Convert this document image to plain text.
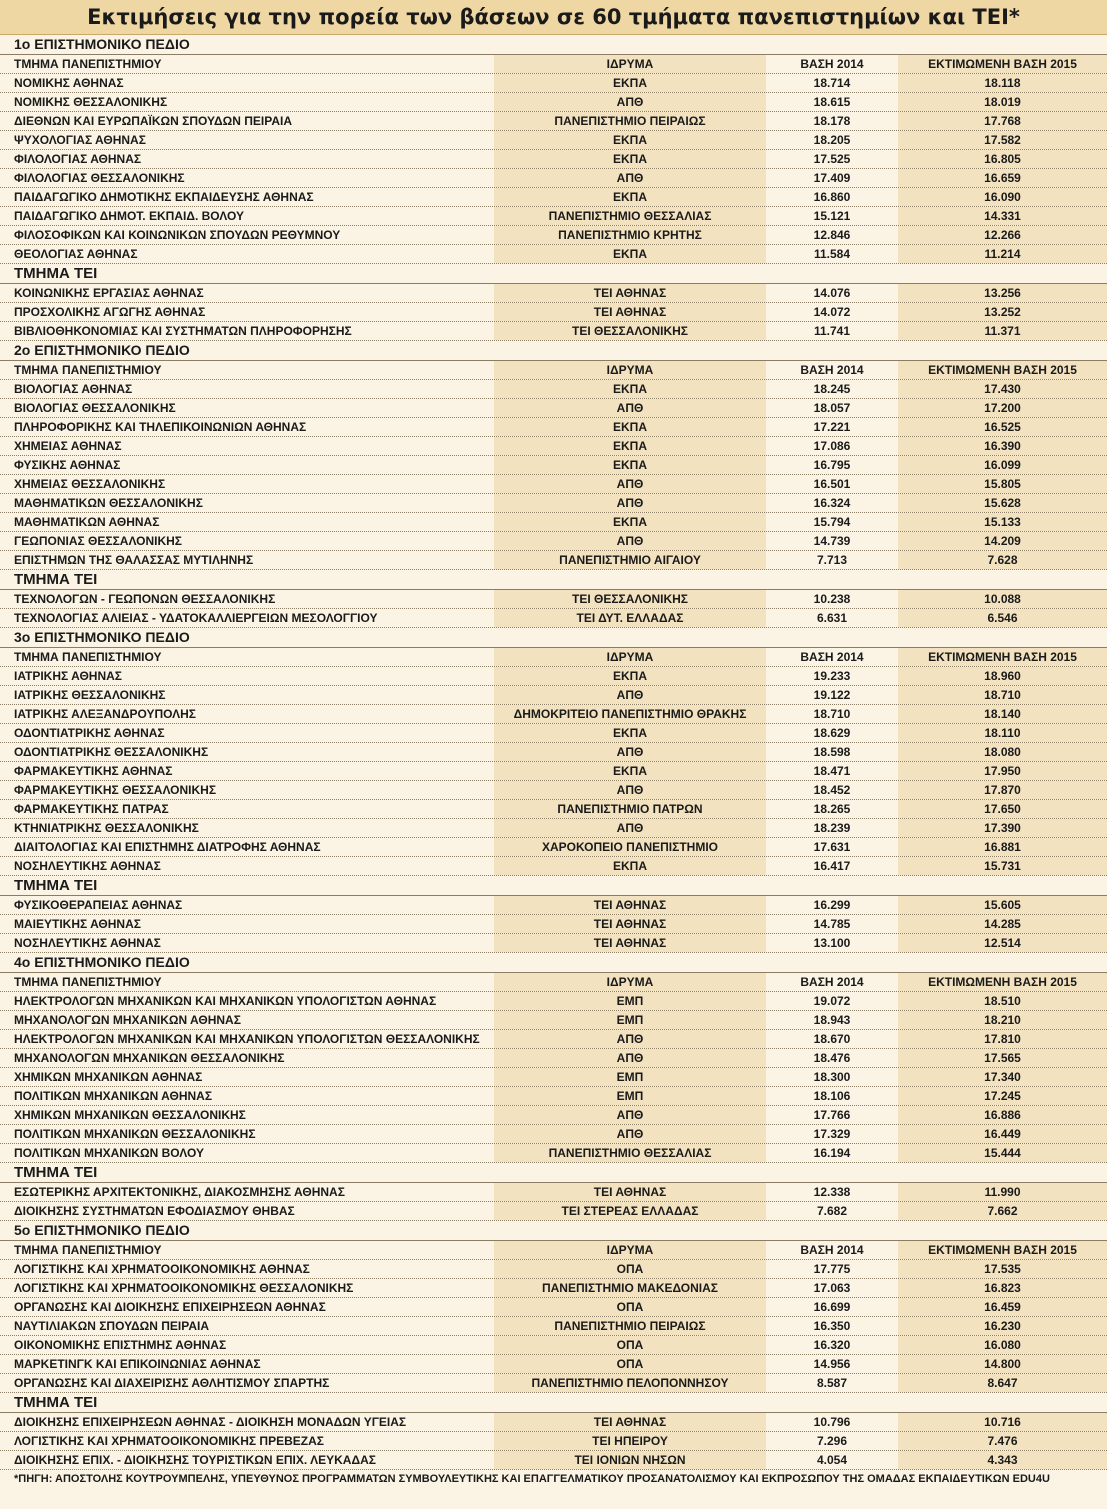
Εκτιμήσεις για την πορεία των βάσεων σε 60 τμήματα πανεπιστημίων και ΤΕΙ*
1ο ΕΠΙΣΤΗΜΟΝΙΚΟ ΠΕΔΙΟ
ΤΜΗΜΑ ΠΑΝΕΠΙΣΤΗΜΙΟΥ	ΙΔΡΥΜΑ	ΒΑΣΗ 2014	ΕΚΤΙΜΩΜΕΝΗ ΒΑΣΗ 2015
ΝΟΜΙΚΗΣ ΑΘΗΝΑΣ	ΕΚΠΑ	18.714	18.118
ΝΟΜΙΚΗΣ ΘΕΣΣΑΛΟΝΙΚΗΣ	ΑΠΘ	18.615	18.019
ΔΙΕΘΝΩΝ ΚΑΙ ΕΥΡΩΠΑΪΚΩΝ ΣΠΟΥΔΩΝ ΠΕΙΡΑΙΑ	ΠΑΝΕΠΙΣΤΗΜΙΟ ΠΕΙΡΑΙΩΣ	18.178	17.768
ΨΥΧΟΛΟΓΙΑΣ ΑΘΗΝΑΣ	ΕΚΠΑ	18.205	17.582
ΦΙΛΟΛΟΓΙΑΣ ΑΘΗΝΑΣ	ΕΚΠΑ	17.525	16.805
ΦΙΛΟΛΟΓΙΑΣ ΘΕΣΣΑΛΟΝΙΚΗΣ	ΑΠΘ	17.409	16.659
ΠΑΙΔΑΓΩΓΙΚΟ ΔΗΜΟΤΙΚΗΣ ΕΚΠΑΙΔΕΥΣΗΣ ΑΘΗΝΑΣ	ΕΚΠΑ	16.860	16.090
ΠΑΙΔΑΓΩΓΙΚΟ ΔΗΜΟΤ. ΕΚΠΑΙΔ. ΒΟΛΟΥ	ΠΑΝΕΠΙΣΤΗΜΙΟ ΘΕΣΣΑΛΙΑΣ	15.121	14.331
ΦΙΛΟΣΟΦΙΚΩΝ ΚΑΙ ΚΟΙΝΩΝΙΚΩΝ ΣΠΟΥΔΩΝ ΡΕΘΥΜΝΟΥ	ΠΑΝΕΠΙΣΤΗΜΙΟ ΚΡΗΤΗΣ	12.846	12.266
ΘΕΟΛΟΓΙΑΣ ΑΘΗΝΑΣ	ΕΚΠΑ	11.584	11.214
ΤΜΗΜΑ ΤΕΙ
ΚΟΙΝΩΝΙΚΗΣ ΕΡΓΑΣΙΑΣ ΑΘΗΝΑΣ	ΤΕΙ ΑΘΗΝΑΣ	14.076	13.256
ΠΡΟΣΧΟΛΙΚΗΣ ΑΓΩΓΗΣ ΑΘΗΝΑΣ	ΤΕΙ ΑΘΗΝΑΣ	14.072	13.252
ΒΙΒΛΙΟΘΗΚΟΝΟΜΙΑΣ ΚΑΙ ΣΥΣΤΗΜΑΤΩΝ ΠΛΗΡΟΦΟΡΗΣΗΣ	ΤΕΙ ΘΕΣΣΑΛΟΝΙΚΗΣ	11.741	11.371
2ο ΕΠΙΣΤΗΜΟΝΙΚΟ ΠΕΔΙΟ
ΤΜΗΜΑ ΠΑΝΕΠΙΣΤΗΜΙΟΥ	ΙΔΡΥΜΑ	ΒΑΣΗ 2014	ΕΚΤΙΜΩΜΕΝΗ ΒΑΣΗ 2015
ΒΙΟΛΟΓΙΑΣ ΑΘΗΝΑΣ	ΕΚΠΑ	18.245	17.430
ΒΙΟΛΟΓΙΑΣ ΘΕΣΣΑΛΟΝΙΚΗΣ	ΑΠΘ	18.057	17.200
ΠΛΗΡΟΦΟΡΙΚΗΣ ΚΑΙ ΤΗΛΕΠΙΚΟΙΝΩΝΙΩΝ ΑΘΗΝΑΣ	ΕΚΠΑ	17.221	16.525
ΧΗΜΕΙΑΣ ΑΘΗΝΑΣ	ΕΚΠΑ	17.086	16.390
ΦΥΣΙΚΗΣ ΑΘΗΝΑΣ	ΕΚΠΑ	16.795	16.099
ΧΗΜΕΙΑΣ ΘΕΣΣΑΛΟΝΙΚΗΣ	ΑΠΘ	16.501	15.805
ΜΑΘΗΜΑΤΙΚΩΝ ΘΕΣΣΑΛΟΝΙΚΗΣ	ΑΠΘ	16.324	15.628
ΜΑΘΗΜΑΤΙΚΩΝ ΑΘΗΝΑΣ	ΕΚΠΑ	15.794	15.133
ΓΕΩΠΟΝΙΑΣ ΘΕΣΣΑΛΟΝΙΚΗΣ	ΑΠΘ	14.739	14.209
ΕΠΙΣΤΗΜΩΝ ΤΗΣ ΘΑΛΑΣΣΑΣ ΜΥΤΙΛΗΝΗΣ	ΠΑΝΕΠΙΣΤΗΜΙΟ ΑΙΓΑΙΟΥ	7.713	7.628
ΤΜΗΜΑ ΤΕΙ
ΤΕΧΝΟΛΟΓΩΝ - ΓΕΩΠΟΝΩΝ ΘΕΣΣΑΛΟΝΙΚΗΣ	ΤΕΙ ΘΕΣΣΑΛΟΝΙΚΗΣ	10.238	10.088
ΤΕΧΝΟΛΟΓΙΑΣ ΑΛΙΕΙΑΣ - ΥΔΑΤΟΚΑΛΛΙΕΡΓΕΙΩΝ ΜΕΣΟΛΟΓΓΙΟΥ	ΤΕΙ ΔΥΤ. ΕΛΛΑΔΑΣ	6.631	6.546
3ο ΕΠΙΣΤΗΜΟΝΙΚΟ ΠΕΔΙΟ
ΤΜΗΜΑ ΠΑΝΕΠΙΣΤΗΜΙΟΥ	ΙΔΡΥΜΑ	ΒΑΣΗ 2014	ΕΚΤΙΜΩΜΕΝΗ ΒΑΣΗ 2015
ΙΑΤΡΙΚΗΣ ΑΘΗΝΑΣ	ΕΚΠΑ	19.233	18.960
ΙΑΤΡΙΚΗΣ ΘΕΣΣΑΛΟΝΙΚΗΣ	ΑΠΘ	19.122	18.710
ΙΑΤΡΙΚΗΣ ΑΛΕΞΑΝΔΡΟΥΠΟΛΗΣ	ΔΗΜΟΚΡΙΤΕΙΟ ΠΑΝΕΠΙΣΤΗΜΙΟ ΘΡΑΚΗΣ	18.710	18.140
ΟΔΟΝΤΙΑΤΡΙΚΗΣ ΑΘΗΝΑΣ	ΕΚΠΑ	18.629	18.110
ΟΔΟΝΤΙΑΤΡΙΚΗΣ ΘΕΣΣΑΛΟΝΙΚΗΣ	ΑΠΘ	18.598	18.080
ΦΑΡΜΑΚΕΥΤΙΚΗΣ ΑΘΗΝΑΣ	ΕΚΠΑ	18.471	17.950
ΦΑΡΜΑΚΕΥΤΙΚΗΣ ΘΕΣΣΑΛΟΝΙΚΗΣ	ΑΠΘ	18.452	17.870
ΦΑΡΜΑΚΕΥΤΙΚΗΣ ΠΑΤΡΑΣ	ΠΑΝΕΠΙΣΤΗΜΙΟ ΠΑΤΡΩΝ	18.265	17.650
ΚΤΗΝΙΑΤΡΙΚΗΣ ΘΕΣΣΑΛΟΝΙΚΗΣ	ΑΠΘ	18.239	17.390
ΔΙΑΙΤΟΛΟΓΙΑΣ ΚΑΙ ΕΠΙΣΤΗΜΗΣ ΔΙΑΤΡΟΦΗΣ ΑΘΗΝΑΣ	ΧΑΡΟΚΟΠΕΙΟ ΠΑΝΕΠΙΣΤΗΜΙΟ	17.631	16.881
ΝΟΣΗΛΕΥΤΙΚΗΣ ΑΘΗΝΑΣ	ΕΚΠΑ	16.417	15.731
ΤΜΗΜΑ ΤΕΙ
ΦΥΣΙΚΟΘΕΡΑΠΕΙΑΣ ΑΘΗΝΑΣ	ΤΕΙ ΑΘΗΝΑΣ	16.299	15.605
ΜΑΙΕΥΤΙΚΗΣ ΑΘΗΝΑΣ	ΤΕΙ ΑΘΗΝΑΣ	14.785	14.285
ΝΟΣΗΛΕΥΤΙΚΗΣ ΑΘΗΝΑΣ	ΤΕΙ ΑΘΗΝΑΣ	13.100	12.514
4ο ΕΠΙΣΤΗΜΟΝΙΚΟ ΠΕΔΙΟ
ΤΜΗΜΑ ΠΑΝΕΠΙΣΤΗΜΙΟΥ	ΙΔΡΥΜΑ	ΒΑΣΗ 2014	ΕΚΤΙΜΩΜΕΝΗ ΒΑΣΗ 2015
ΗΛΕΚΤΡΟΛΟΓΩΝ ΜΗΧΑΝΙΚΩΝ ΚΑΙ ΜΗΧΑΝΙΚΩΝ ΥΠΟΛΟΓΙΣΤΩΝ ΑΘΗΝΑΣ	ΕΜΠ	19.072	18.510
ΜΗΧΑΝΟΛΟΓΩΝ ΜΗΧΑΝΙΚΩΝ ΑΘΗΝΑΣ	ΕΜΠ	18.943	18.210
ΗΛΕΚΤΡΟΛΟΓΩΝ ΜΗΧΑΝΙΚΩΝ ΚΑΙ ΜΗΧΑΝΙΚΩΝ ΥΠΟΛΟΓΙΣΤΩΝ ΘΕΣΣΑΛΟΝΙΚΗΣ	ΑΠΘ	18.670	17.810
ΜΗΧΑΝΟΛΟΓΩΝ ΜΗΧΑΝΙΚΩΝ ΘΕΣΣΑΛΟΝΙΚΗΣ	ΑΠΘ	18.476	17.565
ΧΗΜΙΚΩΝ ΜΗΧΑΝΙΚΩΝ ΑΘΗΝΑΣ	ΕΜΠ	18.300	17.340
ΠΟΛΙΤΙΚΩΝ ΜΗΧΑΝΙΚΩΝ ΑΘΗΝΑΣ	ΕΜΠ	18.106	17.245
ΧΗΜΙΚΩΝ ΜΗΧΑΝΙΚΩΝ ΘΕΣΣΑΛΟΝΙΚΗΣ	ΑΠΘ	17.766	16.886
ΠΟΛΙΤΙΚΩΝ ΜΗΧΑΝΙΚΩΝ ΘΕΣΣΑΛΟΝΙΚΗΣ	ΑΠΘ	17.329	16.449
ΠΟΛΙΤΙΚΩΝ ΜΗΧΑΝΙΚΩΝ ΒΟΛΟΥ	ΠΑΝΕΠΙΣΤΗΜΙΟ ΘΕΣΣΑΛΙΑΣ	16.194	15.444
ΤΜΗΜΑ ΤΕΙ
ΕΣΩΤΕΡΙΚΗΣ ΑΡΧΙΤΕΚΤΟΝΙΚΗΣ, ΔΙΑΚΟΣΜΗΣΗΣ ΑΘΗΝΑΣ	ΤΕΙ ΑΘΗΝΑΣ	12.338	11.990
ΔΙΟΙΚΗΣΗΣ ΣΥΣΤΗΜΑΤΩΝ ΕΦΟΔΙΑΣΜΟΥ ΘΗΒΑΣ	ΤΕΙ ΣΤΕΡΕΑΣ ΕΛΛΑΔΑΣ	7.682	7.662
5ο ΕΠΙΣΤΗΜΟΝΙΚΟ ΠΕΔΙΟ
ΤΜΗΜΑ ΠΑΝΕΠΙΣΤΗΜΙΟΥ	ΙΔΡΥΜΑ	ΒΑΣΗ 2014	ΕΚΤΙΜΩΜΕΝΗ ΒΑΣΗ 2015
ΛΟΓΙΣΤΙΚΗΣ ΚΑΙ ΧΡΗΜΑΤΟΟΙΚΟΝΟΜΙΚΗΣ ΑΘΗΝΑΣ	ΟΠΑ	17.775	17.535
ΛΟΓΙΣΤΙΚΗΣ ΚΑΙ ΧΡΗΜΑΤΟΟΙΚΟΝΟΜΙΚΗΣ ΘΕΣΣΑΛΟΝΙΚΗΣ	ΠΑΝΕΠΙΣΤΗΜΙΟ ΜΑΚΕΔΟΝΙΑΣ	17.063	16.823
ΟΡΓΑΝΩΣΗΣ ΚΑΙ ΔΙΟΙΚΗΣΗΣ ΕΠΙΧΕΙΡΗΣΕΩΝ ΑΘΗΝΑΣ	ΟΠΑ	16.699	16.459
ΝΑΥΤΙΛΙΑΚΩΝ ΣΠΟΥΔΩΝ ΠΕΙΡΑΙΑ	ΠΑΝΕΠΙΣΤΗΜΙΟ ΠΕΙΡΑΙΩΣ	16.350	16.230
ΟΙΚΟΝΟΜΙΚΗΣ ΕΠΙΣΤΗΜΗΣ ΑΘΗΝΑΣ	ΟΠΑ	16.320	16.080
ΜΑΡΚΕΤΙΝΓΚ ΚΑΙ ΕΠΙΚΟΙΝΩΝΙΑΣ ΑΘΗΝΑΣ	ΟΠΑ	14.956	14.800
ΟΡΓΑΝΩΣΗΣ ΚΑΙ ΔΙΑΧΕΙΡΙΣΗΣ ΑΘΛΗΤΙΣΜΟΥ ΣΠΑΡΤΗΣ	ΠΑΝΕΠΙΣΤΗΜΙΟ ΠΕΛΟΠΟΝΝΗΣΟΥ	8.587	8.647
ΤΜΗΜΑ ΤΕΙ
ΔΙΟΙΚΗΣΗΣ ΕΠΙΧΕΙΡΗΣΕΩΝ ΑΘΗΝΑΣ - ΔΙΟΙΚΗΣΗ ΜΟΝΑΔΩΝ ΥΓΕΙΑΣ	ΤΕΙ ΑΘΗΝΑΣ	10.796	10.716
ΛΟΓΙΣΤΙΚΗΣ ΚΑΙ ΧΡΗΜΑΤΟΟΙΚΟΝΟΜΙΚΗΣ ΠΡΕΒΕΖΑΣ	ΤΕΙ ΗΠΕΙΡΟΥ	7.296	7.476
ΔΙΟΙΚΗΣΗΣ ΕΠΙΧ. - ΔΙΟΙΚΗΣΗΣ ΤΟΥΡΙΣΤΙΚΩΝ ΕΠΙΧ. ΛΕΥΚΑΔΑΣ	ΤΕΙ ΙΟΝΙΩΝ ΝΗΣΩΝ	4.054	4.343
*ΠΗΓΗ: ΑΠΟΣΤΟΛΗΣ ΚΟΥΤΡΟΥΜΠΕΛΗΣ, ΥΠΕΥΘΥΝΟΣ ΠΡΟΓΡΑΜΜΑΤΩΝ ΣΥΜΒΟΥΛΕΥΤΙΚΗΣ ΚΑΙ ΕΠΑΓΓΕΛΜΑΤΙΚΟΥ ΠΡΟΣΑΝΑΤΟΛΙΣΜΟΥ ΚΑΙ ΕΚΠΡΟΣΩΠΟΥ ΤΗΣ ΟΜΑΔΑΣ ΕΚΠΑΙΔΕΥΤΙΚΩΝ EDU4U
